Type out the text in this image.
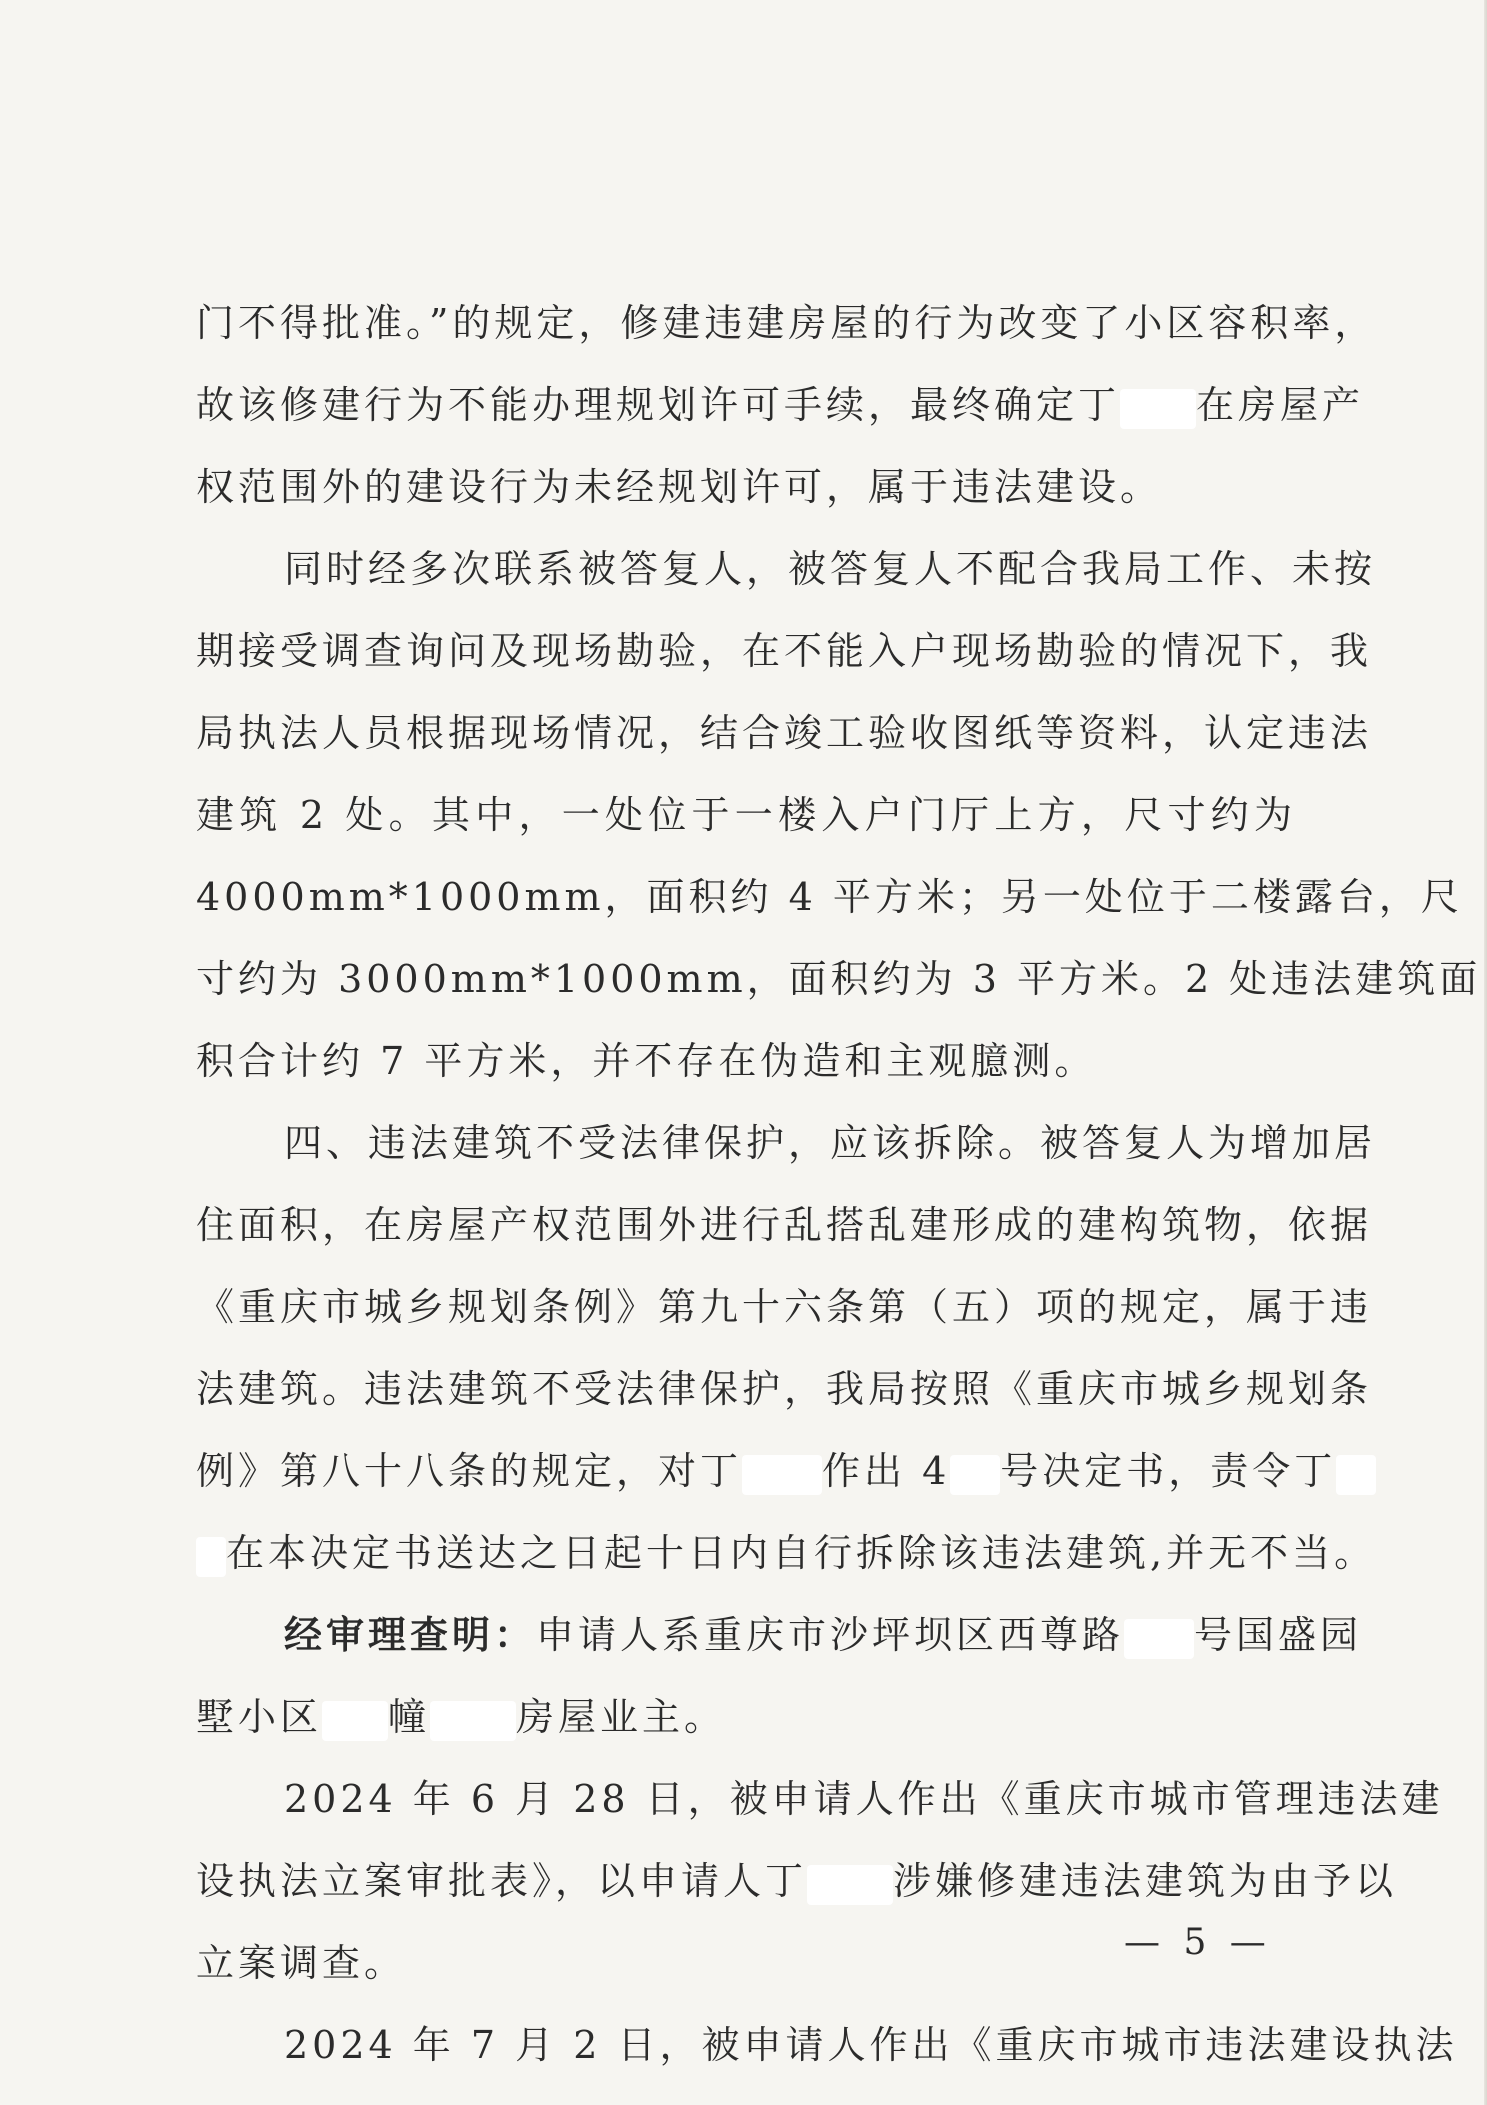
门不得批准。”的规定，修建违建房屋的行为改变了小区容积率，
故该修建行为不能办理规划许可手续，最终确定丁 在房屋产
权范围外的建设行为未经规划许可，属于违法建设。
同时经多次联系被答复人，被答复人不配合我局工作、未按
期接受调查询问及现场勘验，在不能入户现场勘验的情况下，我
局执法人员根据现场情况，结合竣工验收图纸等资料，认定违法
建筑 2 处。其中，一处位于一楼入户门厅上方，尺寸约为
4000mm*1000mm，面积约 4 平方米；另一处位于二楼露台，尺
寸约为 3000mm*1000mm，面积约为 3 平方米。2 处违法建筑面
积合计约 7 平方米，并不存在伪造和主观臆测。
四、违法建筑不受法律保护，应该拆除。被答复人为增加居
住面积，在房屋产权范围外进行乱搭乱建形成的建构筑物，依据
《重庆市城乡规划条例》第九十六条第（五）项的规定，属于违
法建筑。违法建筑不受法律保护，我局按照《重庆市城乡规划条
例》第八十八条的规定，对丁 作出 4 号决定书，责令丁
在本决定书送达之日起十日内自行拆除该违法建筑,并无不当。
经审理查明：申请人系重庆市沙坪坝区西尊路 号国盛园
墅小区 幢 房屋业主。
2024 年 6 月 28 日，被申请人作出《重庆市城市管理违法建
设执法立案审批表》，以申请人丁 涉嫌修建违法建筑为由予以
立案调查。
2024 年 7 月 2 日，被申请人作出《重庆市城市违法建设执法
— 5 —
